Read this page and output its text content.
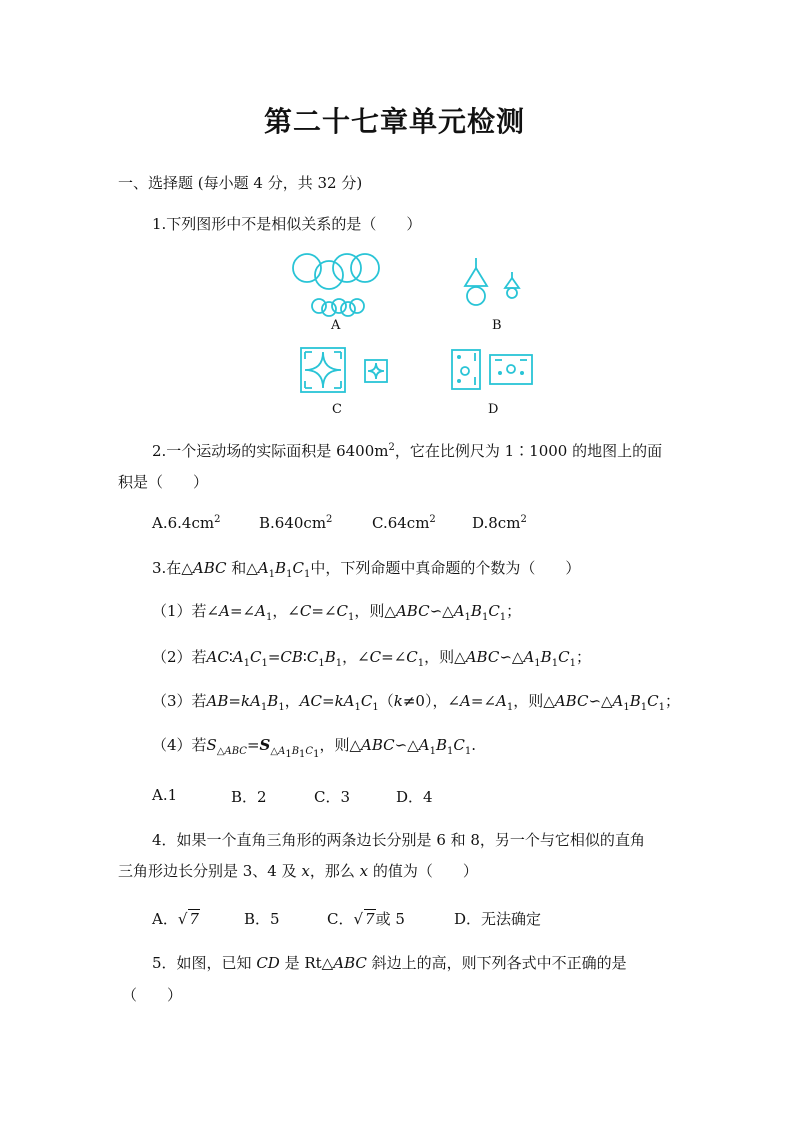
第二十七章单元检测
一、选择题 (每小题 4 分，共 32 分)
1.下列图形中不是相似关系的是（　　）
A	B
C	D
2.一个运动场的实际面积是 $6400m^2$，它在比例尺为 1∶1000 的地图上的面
积是（　　）
$A.6.4cm^2$	$B.640cm^2$	$C.64cm^2$ $D.8cm^2$
3.在△ABC 和$\triangle A_1B_1C_1$中，下列命题中真命题的个数为（　　）
（1）若$\angle A=\angle A_1$，$\angle C=\angle C_1$，则$\triangle ABC∽\triangle A_1B_1C_1$；
（2）若$AC∶A_1C_1=CB∶C_1B_1$，$\angle C=\angle C_1$，则$\triangle ABC∽\triangle A_1B_1C_1$；
（3）若$AB=kA_1B_1$，$AC=kA_1C_1(k\ne 0)$，$\angle A=\angle A_1$，则$\triangle ABC∽\triangle A_1B_1C_1$；
（4）若$S_{\triangle ABC}=S_{\triangle A_1B_1C_1}$，则$\triangle ABC∽\triangle A_1B_1C_1$.
A.1	B．2	C．3	D．4
4．如果一个直角三角形的两条边长分别是 6 和 8，另一个与它相似的直角
三角形边长分别是 3、4 及 x，那么 x 的值为（　　）
A．√ 7	B．5	C．√ 7或 5	D．无法确定
5．如图，已知 CD 是 Rt△ABC 斜边上的高，则下列各式中不正确的是
（　　）
